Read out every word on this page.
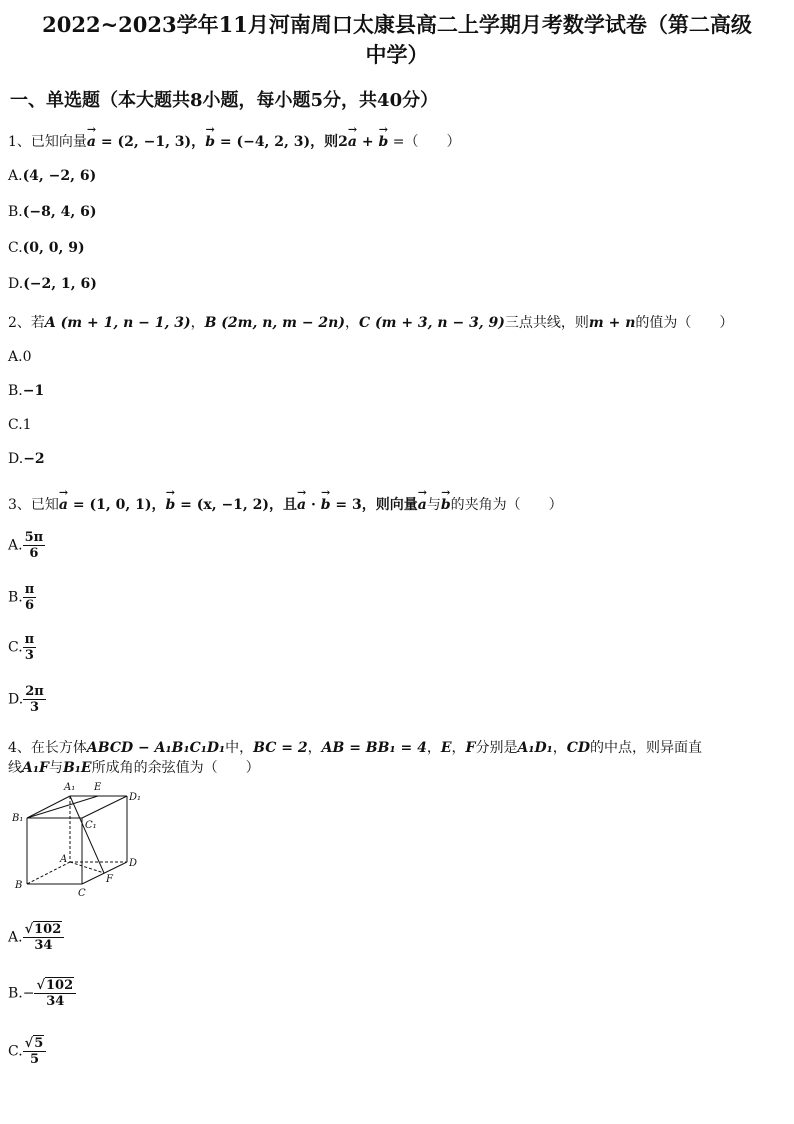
2022~2023学年11月河南周口太康县高二上学期月考数学试卷（第二高级
中学）
一、单选题（本大题共8小题，每小题5分，共40分）
1、已知向量→ a = (2, −1, 3)，→ b = (−4, 2, 3)，则2→ a + → b =（　　）
A.(4, −2, 6)
B.(−8, 4, 6)
C.(0, 0, 9)
D.(−2, 1, 6)
2、若A (m + 1, n − 1, 3)，B (2m, n, m − 2n)，C (m + 3, n − 3, 9)三点共线，则m + n的值为（　　）
A.0
B.−1
C.1
D.−2
3、已知→ a = (1, 0, 1)，→ b = (x, −1, 2)，且→ a · → b = 3，则向量→ a与→ b的夹角为（　　）
A. $\frac{5\pi}{6}$
B. $\frac{\pi}{6}$
C. $\frac{\pi}{3}$
D. $\frac{2\pi}{3}$
4、在长方体ABCD − A₁B₁C₁D₁中，BC = 2，AB = BB₁ = 4，E，F分别是A₁D₁，CD的中点，则异面直
线A₁F与B₁E所成角的余弦值为（　　）
A₁ E
D₁
B₁
C₁
A	D
B
F
C
A. $\frac{√102}{34}$
$B.- \frac{√102}{34}$
C. $\frac{√5}{5}$
